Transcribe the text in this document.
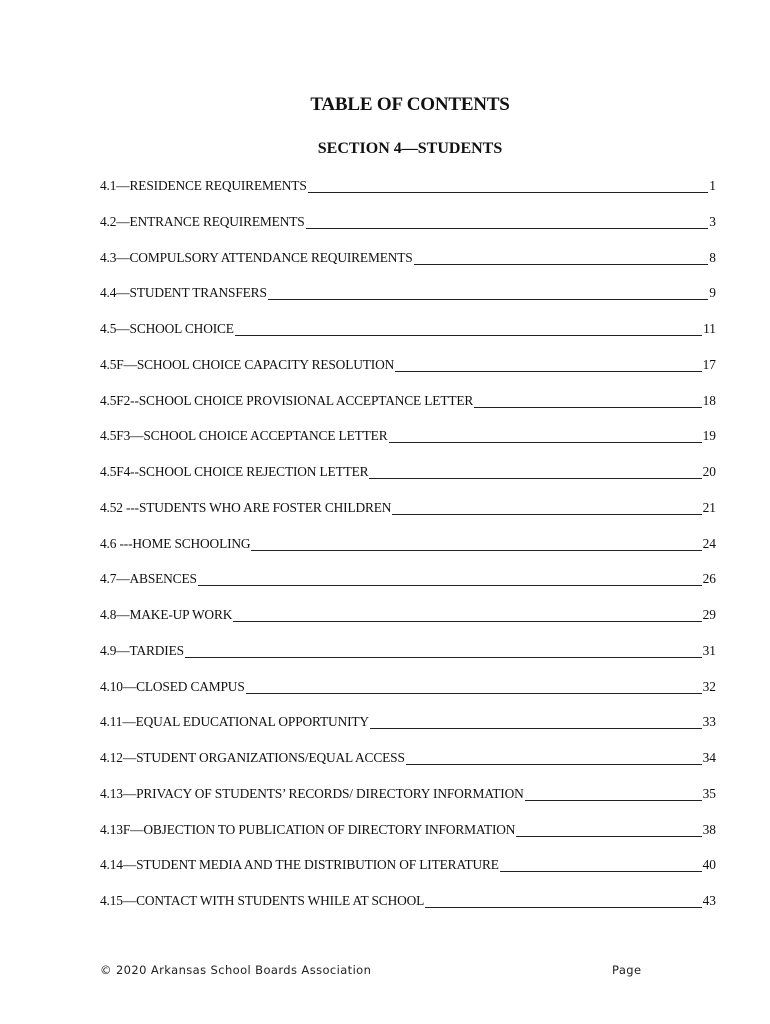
TABLE OF CONTENTS
SECTION 4—STUDENTS
4.1—RESIDENCE REQUIREMENTS	1
4.2—ENTRANCE REQUIREMENTS	3
4.3—COMPULSORY ATTENDANCE REQUIREMENTS	8
4.4—STUDENT TRANSFERS	9
4.5—SCHOOL CHOICE	11
4.5F—SCHOOL CHOICE CAPACITY RESOLUTION	17
4.5F2--SCHOOL CHOICE PROVISIONAL ACCEPTANCE LETTER	18
4.5F3—SCHOOL CHOICE ACCEPTANCE LETTER	19
4.5F4--SCHOOL CHOICE REJECTION LETTER	20
4.52 ---STUDENTS WHO ARE FOSTER CHILDREN	21
4.6 ---HOME SCHOOLING	24
4.7—ABSENCES	26
4.8—MAKE-UP WORK	29
4.9—TARDIES	31
4.10—CLOSED CAMPUS	32
4.11—EQUAL EDUCATIONAL OPPORTUNITY	33
4.12—STUDENT ORGANIZATIONS/EQUAL ACCESS	34
4.13—PRIVACY OF STUDENTS’ RECORDS/ DIRECTORY INFORMATION	35
4.13F—OBJECTION TO PUBLICATION OF DIRECTORY INFORMATION	38
4.14—STUDENT MEDIA AND THE DISTRIBUTION OF LITERATURE	40
4.15—CONTACT WITH STUDENTS WHILE AT SCHOOL	43
© 2020 Arkansas School Boards Association	Page
